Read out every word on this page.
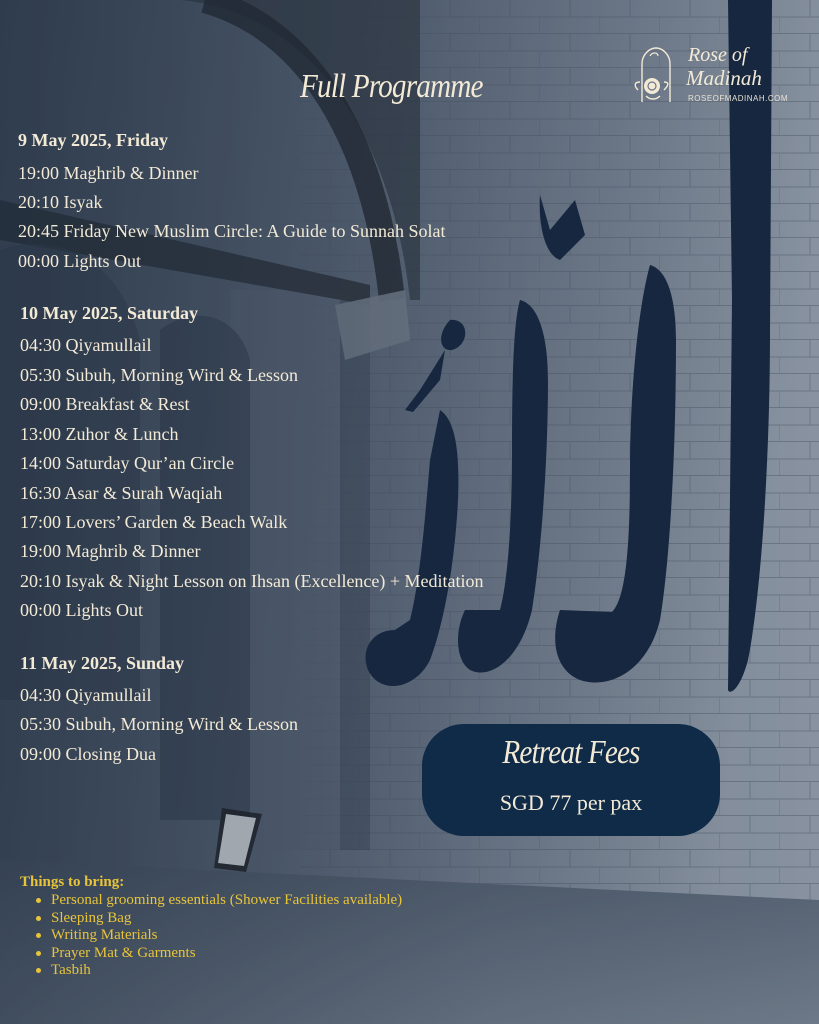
Full Programme
Rose of
Madinah
ROSEOFMADINAH.COM
9 May 2025, Friday
19:00 Maghrib & Dinner
20:10 Isyak
20:45 Friday New Muslim Circle: A Guide to Sunnah Solat
00:00 Lights Out
10 May 2025, Saturday
04:30 Qiyamullail
05:30 Subuh, Morning Wird & Lesson
09:00 Breakfast & Rest
13:00 Zuhor & Lunch
14:00 Saturday Qur’an Circle
16:30 Asar & Surah Waqiah
17:00 Lovers’ Garden & Beach Walk
19:00 Maghrib & Dinner
20:10 Isyak & Night Lesson on Ihsan (Excellence) + Meditation
00:00 Lights Out
11 May 2025, Sunday
04:30 Qiyamullail
05:30 Subuh, Morning Wird & Lesson
09:00 Closing Dua	Retreat Fees
SGD 77 per pax
Things to bring:
Personal grooming essentials (Shower Facilities available)
Sleeping Bag
Writing Materials
Prayer Mat & Garments
Tasbih
